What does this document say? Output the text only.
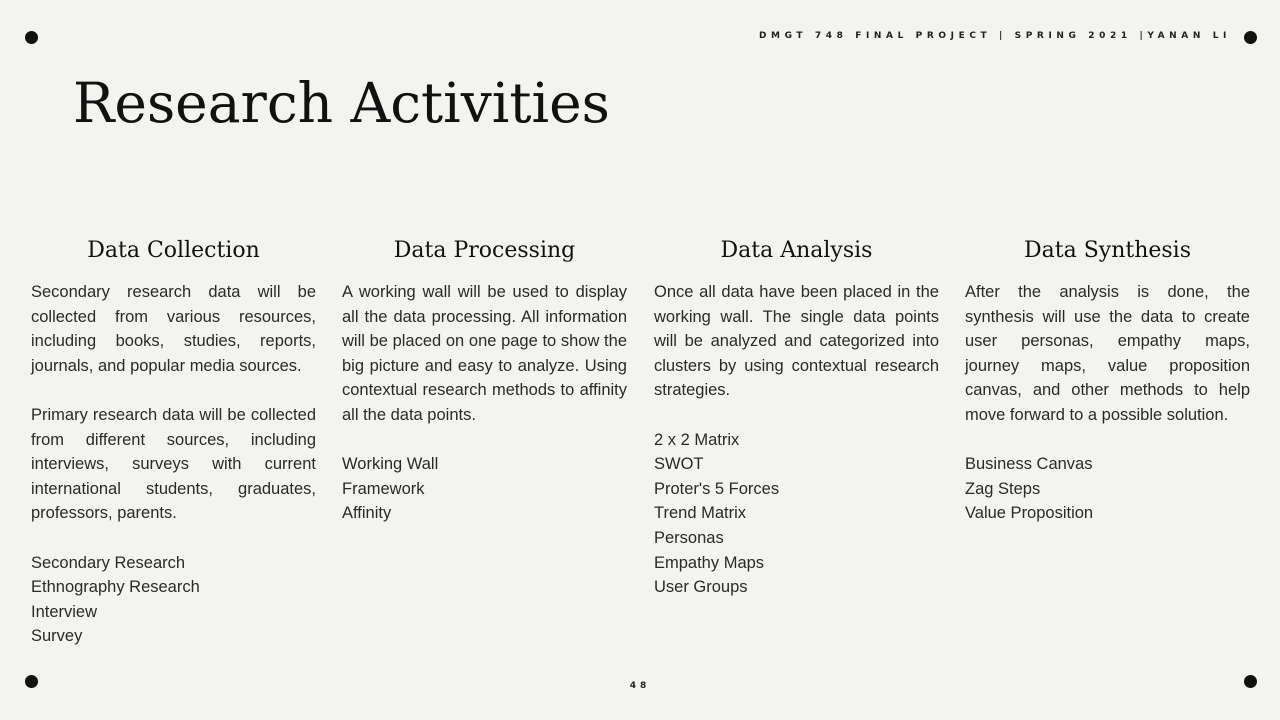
DMGT 748 FINAL PROJECT | SPRING 2021 |YANAN LI
Research Activities
Data Collection

Secondary research data will be collected from various resources, including books, studies, reports, journals, and popular media sources.

Primary research data will be collected from different sources, including interviews, surveys with current international students, graduates, professors, parents.

Secondary Research
Ethnography Research
Interview
Survey
Data Processing

A working wall will be used to display all the data processing. All information will be placed on one page to show the big picture and easy to analyze. Using contextual research methods to affinity all the data points.

Working Wall
Framework
Affinity
Data Analysis

Once all data have been placed in the working wall. The single data points will be analyzed and categorized into clusters by using contextual research strategies.

2 x 2 Matrix
SWOT
Proter's 5 Forces
Trend Matrix
Personas
Empathy Maps
User Groups
Data Synthesis

After the analysis is done, the synthesis will use the data to create user personas, empathy maps, journey maps, value proposition canvas, and other methods to help move forward to a possible solution.

Business Canvas
Zag Steps
Value Proposition
48
